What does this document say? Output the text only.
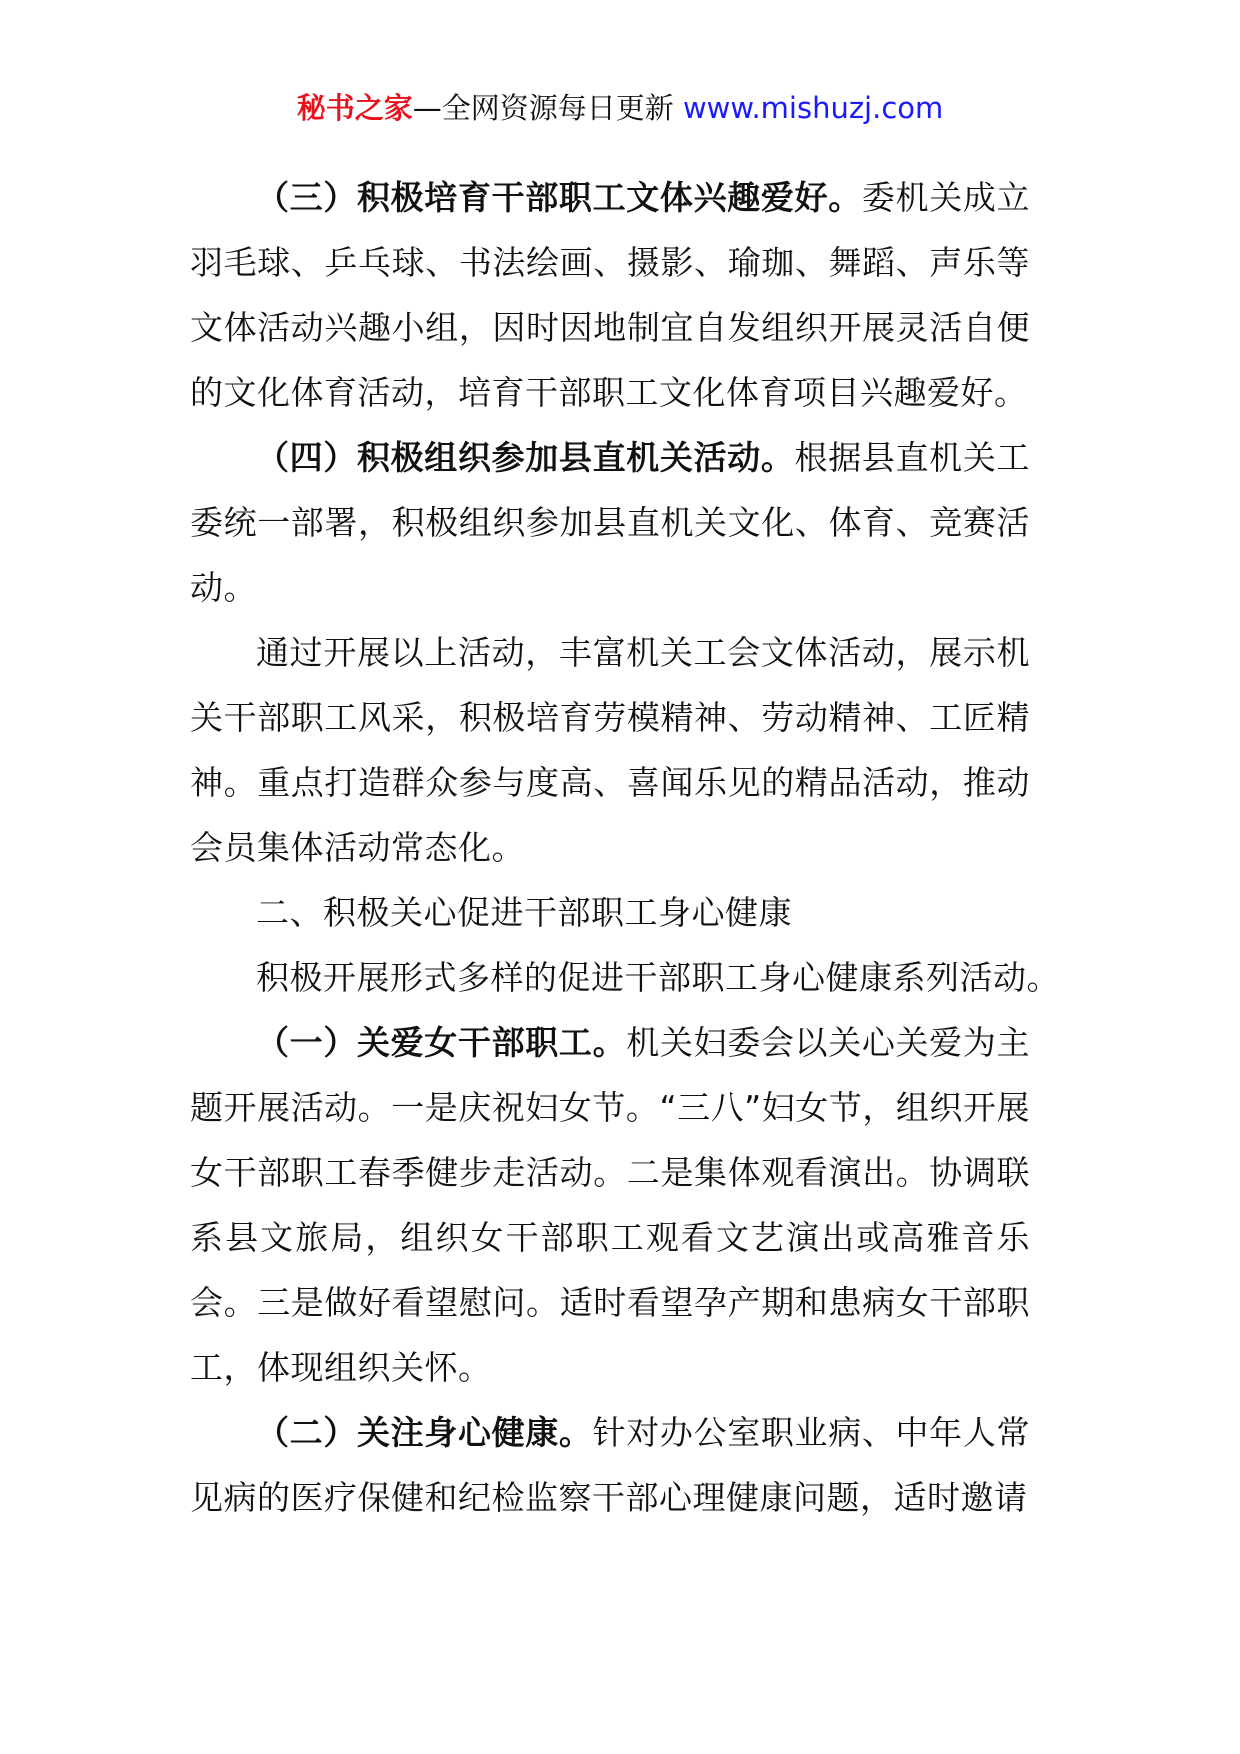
秘书之家—全网资源每日更新 www.mishuzj.com

（三）积极培育干部职工文体兴趣爱好。委机关成立羽毛球、乒乓球、书法绘画、摄影、瑜珈、舞蹈、声乐等文体活动兴趣小组，因时因地制宜自发组织开展灵活自便的文化体育活动，培育干部职工文化体育项目兴趣爱好。

（四）积极组织参加县直机关活动。根据县直机关工委统一部署，积极组织参加县直机关文化、体育、竞赛活动。

通过开展以上活动，丰富机关工会文体活动，展示机关干部职工风采，积极培育劳模精神、劳动精神、工匠精神。重点打造群众参与度高、喜闻乐见的精品活动，推动会员集体活动常态化。

二、积极关心促进干部职工身心健康

积极开展形式多样的促进干部职工身心健康系列活动。

（一）关爱女干部职工。机关妇委会以关心关爱为主题开展活动。一是庆祝妇女节。“三八”妇女节，组织开展女干部职工春季健步走活动。二是集体观看演出。协调联系县文旅局，组织女干部职工观看文艺演出或高雅音乐会。三是做好看望慰问。适时看望孕产期和患病女干部职工，体现组织关怀。

（二）关注身心健康。针对办公室职业病、中年人常见病的医疗保健和纪检监察干部心理健康问题，适时邀请
